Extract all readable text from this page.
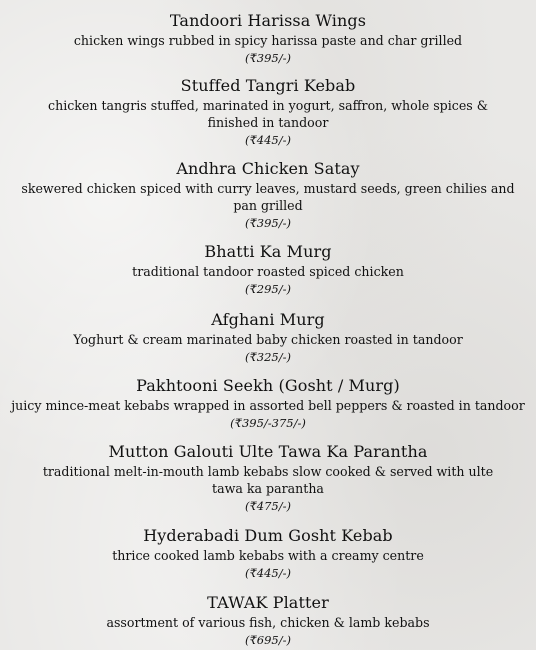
Tandoori Harissa Wings
chicken wings rubbed in spicy harissa paste and char grilled
(₹395/-)
Stuffed Tangri Kebab
chicken tangris stuffed, marinated in yogurt, saffron, whole spices & finished in tandoor
(₹445/-)
Andhra Chicken Satay
skewered chicken spiced with curry leaves, mustard seeds, green chilies and pan grilled
(₹395/-)
Bhatti Ka Murg
traditional tandoor roasted spiced chicken
(₹295/-)
Afghani Murg
Yoghurt & cream marinated baby chicken roasted in tandoor
(₹325/-)
Pakhtooni Seekh (Gosht / Murg)
juicy mince-meat kebabs wrapped in assorted bell peppers & roasted in tandoor
(₹395/-375/-)
Mutton Galouti Ulte Tawa Ka Parantha
traditional melt-in-mouth lamb kebabs slow cooked & served with ulte tawa ka parantha
(₹475/-)
Hyderabadi Dum Gosht Kebab
thrice cooked lamb kebabs with a creamy centre
(₹445/-)
TAWAK Platter
assortment of various fish, chicken & lamb kebabs
(₹695/-)
